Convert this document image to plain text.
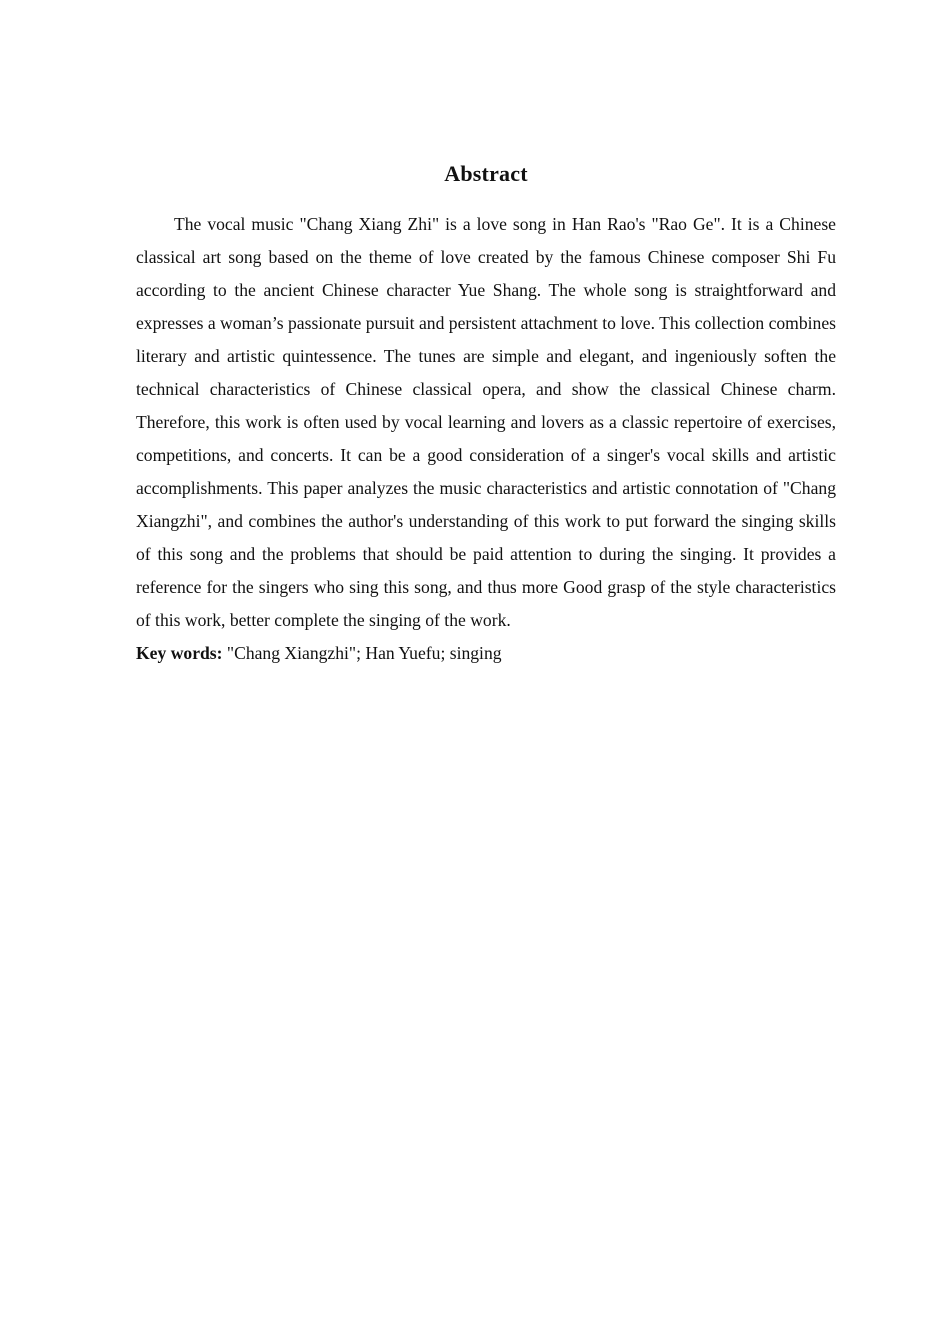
Abstract

The vocal music "Chang Xiang Zhi" is a love song in Han Rao's "Rao Ge". It is a Chinese classical art song based on the theme of love created by the famous Chinese composer Shi Fu according to the ancient Chinese character Yue Shang. The whole song is straightforward and expresses a woman’s passionate pursuit and persistent attachment to love. This collection combines literary and artistic quintessence. The tunes are simple and elegant, and ingeniously soften the technical characteristics of Chinese classical opera, and show the classical Chinese charm. Therefore, this work is often used by vocal learning and lovers as a classic repertoire of exercises, competitions, and concerts. It can be a good consideration of a singer's vocal skills and artistic accomplishments. This paper analyzes the music characteristics and artistic connotation of "Chang Xiangzhi", and combines the author's understanding of this work to put forward the singing skills of this song and the problems that should be paid attention to during the singing. It provides a reference for the singers who sing this song, and thus more Good grasp of the style characteristics of this work, better complete the singing of the work.

Key words: "Chang Xiangzhi"; Han Yuefu; singing
